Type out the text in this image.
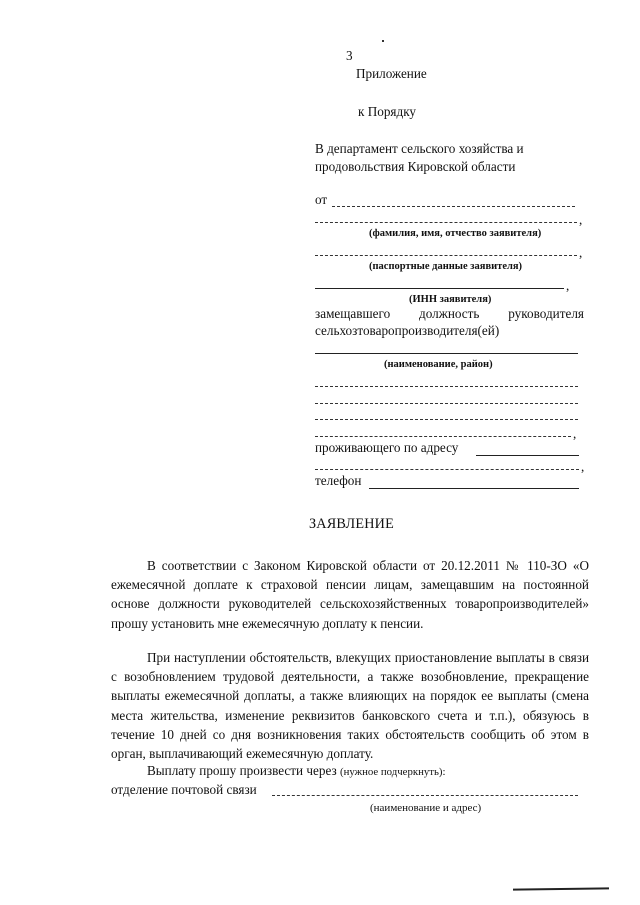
3
Приложение
к Порядку
В департамент сельского хозяйства и
продовольствия Кировской области
от
,
(фамилия, имя, отчество заявителя)
,
(паспортные данные заявителя)
,
(ИНН заявителя)
замещавшего должность руководителя
сельхозтоваропроизводителя(ей)
(наименование, район)
,
проживающего по адресу
,
телефон
ЗАЯВЛЕНИЕ
В соответствии с Законом Кировской области от 20.12.2011 № 110-ЗО «О ежемесячной доплате к страховой пенсии лицам, замещавшим на постоянной основе должности руководителей сельскохозяйственных товаропроизводителей» прошу установить мне ежемесячную доплату к пенсии.
При наступлении обстоятельств, влекущих приостановление выплаты в связи с возобновлением трудовой деятельности, а также возобновление, прекращение выплаты ежемесячной доплаты, а также влияющих на порядок ее выплаты (смена места жительства, изменение реквизитов банковского счета и т.п.), обязуюсь в течение 10 дней со дня возникновения таких обстоятельств сообщить об этом в орган, выплачивающий ежемесячную доплату.
Выплату прошу произвести через (нужное подчеркнуть):
отделение почтовой связи
(наименование и адрес)
